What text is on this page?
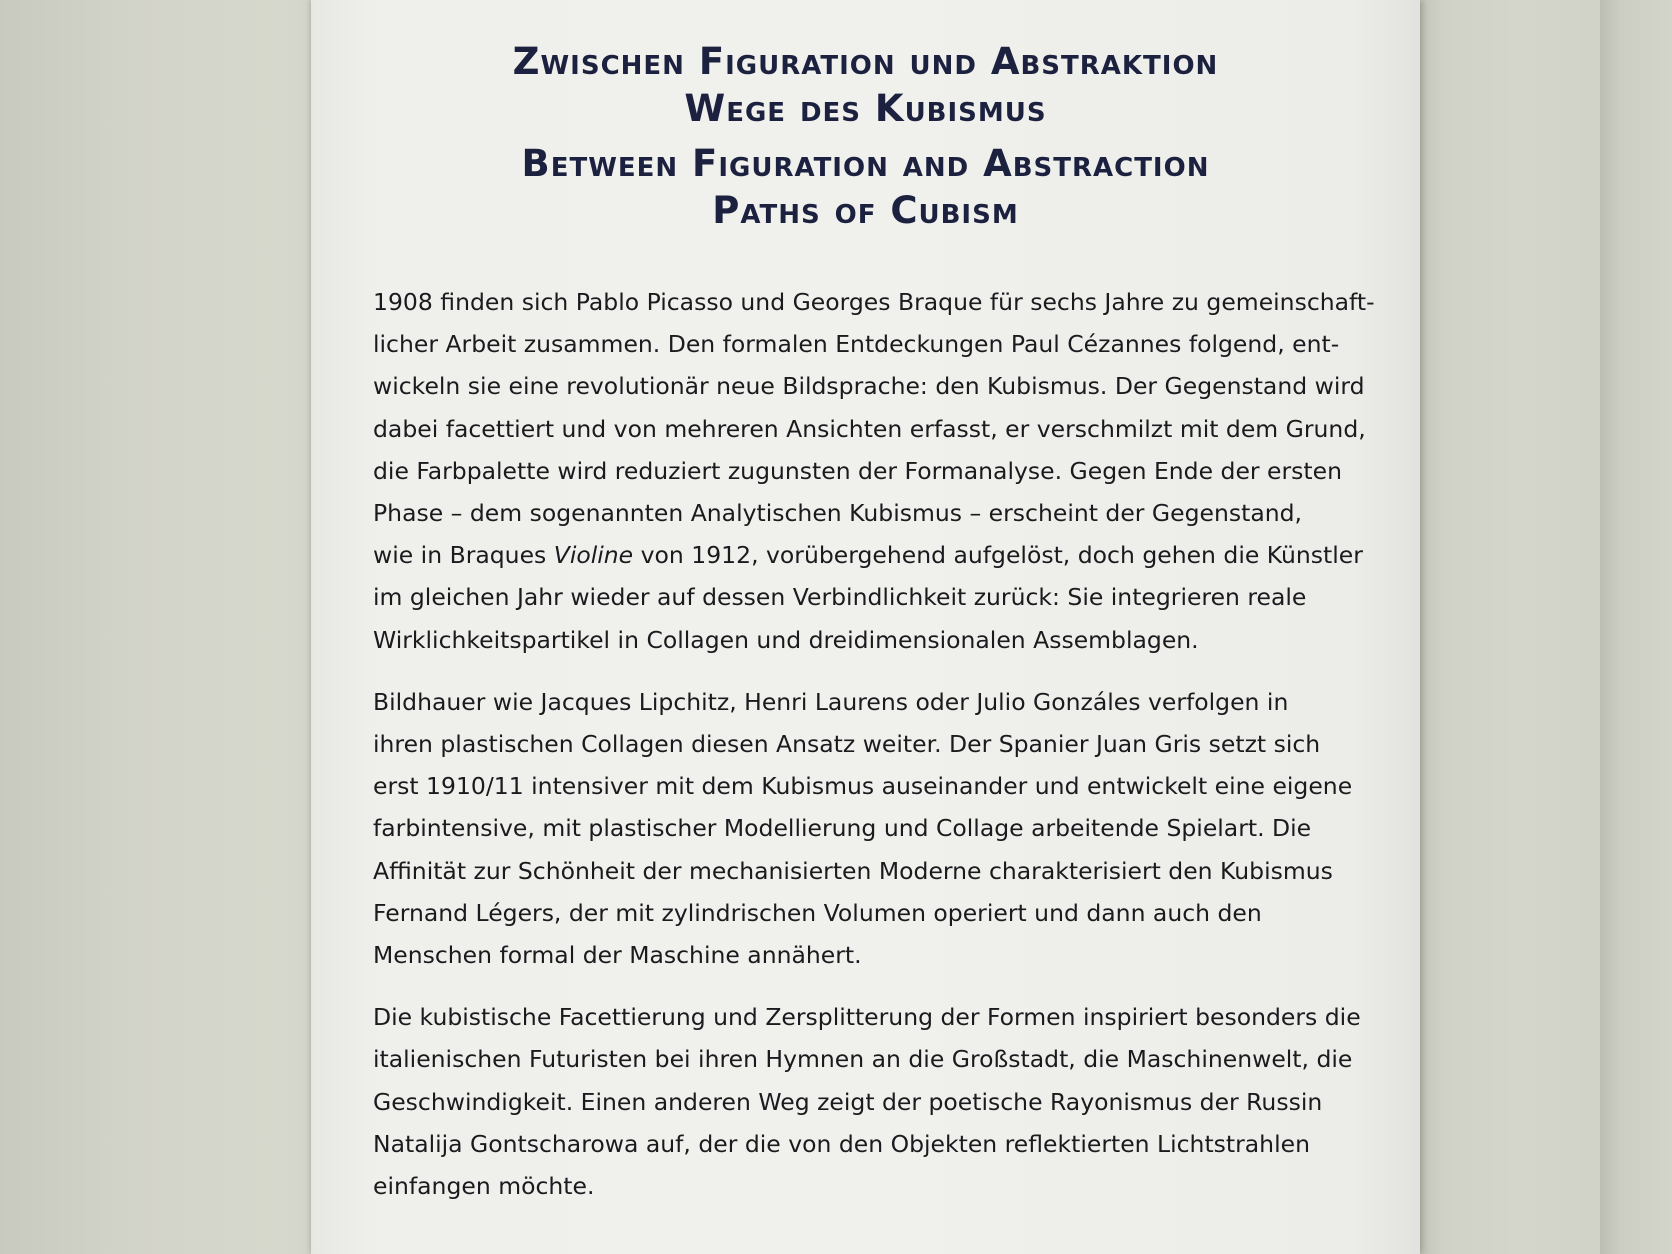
Zwischen Figuration und Abstraktion
Wege des Kubismus
Between Figuration and Abstraction
Paths of Cubism
1908 finden sich Pablo Picasso und Georges Braque für sechs Jahre zu gemeinschaft-
licher Arbeit zusammen. Den formalen Entdeckungen Paul Cézannes folgend, ent-
wickeln sie eine revolutionär neue Bildsprache: den Kubismus. Der Gegenstand wird
dabei facettiert und von mehreren Ansichten erfasst, er verschmilzt mit dem Grund,
die Farbpalette wird reduziert zugunsten der Formanalyse. Gegen Ende der ersten
Phase – dem sogenannten Analytischen Kubismus – erscheint der Gegenstand,
wie in Braques Violine von 1912, vorübergehend aufgelöst, doch gehen die Künstler
im gleichen Jahr wieder auf dessen Verbindlichkeit zurück: Sie integrieren reale
Wirklichkeitspartikel in Collagen und dreidimensionalen Assemblagen.
Bildhauer wie Jacques Lipchitz, Henri Laurens oder Julio Gonzáles verfolgen in
ihren plastischen Collagen diesen Ansatz weiter. Der Spanier Juan Gris setzt sich
erst 1910/11 intensiver mit dem Kubismus auseinander und entwickelt eine eigene
farbintensive, mit plastischer Modellierung und Collage arbeitende Spielart. Die
Affinität zur Schönheit der mechanisierten Moderne charakterisiert den Kubismus
Fernand Légers, der mit zylindrischen Volumen operiert und dann auch den
Menschen formal der Maschine annähert.
Die kubistische Facettierung und Zersplitterung der Formen inspiriert besonders die
italienischen Futuristen bei ihren Hymnen an die Großstadt, die Maschinenwelt, die
Geschwindigkeit. Einen anderen Weg zeigt der poetische Rayonismus der Russin
Natalija Gontscharowa auf, der die von den Objekten reflektierten Lichtstrahlen
einfangen möchte.
